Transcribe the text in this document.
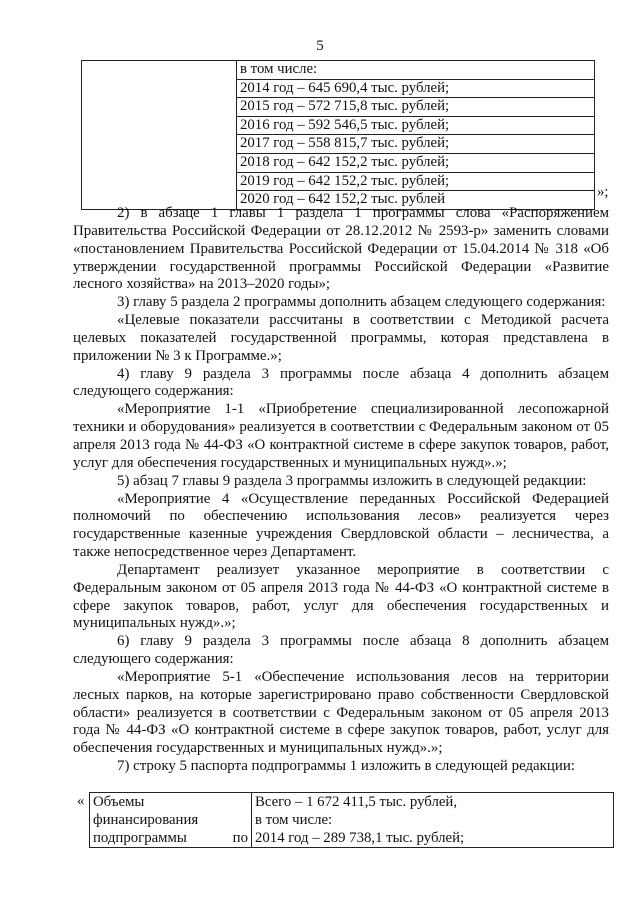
5

в том числе:
2014 год – 645 690,4 тыс. рублей;
2015 год – 572 715,8 тыс. рублей;
2016 год – 592 546,5 тыс. рублей;
2017 год – 558 815,7 тыс. рублей;
2018 год – 642 152,2 тыс. рублей;
2019 год – 642 152,2 тыс. рублей;
2020 год – 642 152,2 тыс. рублей	»;

2) в абзаце 1 главы 1 раздела 1 программы слова «Распоряжением Правительства Российской Федерации от 28.12.2012 № 2593-р» заменить словами «постановлением Правительства Российской Федерации от 15.04.2014 № 318 «Об утверждении государственной программы Российской Федерации «Развитие лесного хозяйства» на 2013–2020 годы»;

3) главу 5 раздела 2 программы дополнить абзацем следующего содержания:

«Целевые показатели рассчитаны в соответствии с Методикой расчета целевых показателей государственной программы, которая представлена в приложении № 3 к Программе.»;

4) главу 9 раздела 3 программы после абзаца 4 дополнить абзацем следующего содержания:

«Мероприятие 1-1 «Приобретение специализированной лесопожарной техники и оборудования» реализуется в соответствии с Федеральным законом от 05 апреля 2013 года № 44-ФЗ «О контрактной системе в сфере закупок товаров, работ, услуг для обеспечения государственных и муниципальных нужд».»;

5) абзац 7 главы 9 раздела 3 программы изложить в следующей редакции:

«Мероприятие 4 «Осуществление переданных Российской Федерацией полномочий по обеспечению использования лесов» реализуется через государственные казенные учреждения Свердловской области – лесничества, а также непосредственное через Департамент.

Департамент реализует указанное мероприятие в соответствии с Федеральным законом от 05 апреля 2013 года № 44-ФЗ «О контрактной системе в сфере закупок товаров, работ, услуг для обеспечения государственных и муниципальных нужд».»;

6) главу 9 раздела 3 программы после абзаца 8 дополнить абзацем следующего содержания:

«Мероприятие 5-1 «Обеспечение использования лесов на территории лесных парков, на которые зарегистрировано право собственности Свердловской области» реализуется в соответствии с Федеральным законом от 05 апреля 2013 года № 44-ФЗ «О контрактной системе в сфере закупок товаров, работ, услуг для обеспечения государственных и муниципальных нужд».»;

7) строку 5 паспорта подпрограммы 1 изложить в следующей редакции:

« Объемы
финансирования
подпрограммы	по

Всего – 1 672 411,5 тыс. рублей,
в том числе:
2014 год – 289 738,1 тыс. рублей;
